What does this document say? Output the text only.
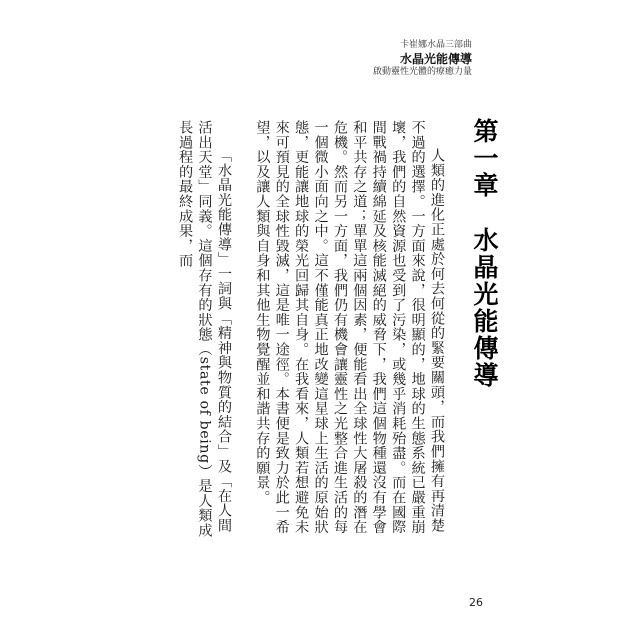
卡崔娜水晶三部曲
水晶光能傳導
啟動靈性光體的療癒力量
第一章水晶光能傳導

人類的進化正處於何去何從的緊要關頭，而我們擁有再清楚不過的選擇。一方面來說，很明顯的，地球的生態系統已嚴重崩壞，我們的自然資源也受到了污染，或幾乎消耗殆盡。而在國際間戰禍持續綿延及核能滅絕的威脅下，我們這個物種還沒有學會和平共存之道；單單這兩個因素，便能看出全球性大屠殺的潛在危機。然而另一方面，我們仍有機會讓靈性之光整合進生活的每一個微小面向之中。這不僅能真正地改變這星球上生活的原始狀態，更能讓地球的榮光回歸其自身。在我看來，人類若想避免未來可預見的全球性毀滅，這是唯一途徑。本書便是致力於此一希望，以及讓人類與自身和其他生物覺醒並和諧共存的願景。

「水晶光能傳導」一詞與「精神與物質的結合」及「在人間活出天堂」同義。這個存有的狀態（state of being）是人類成長過程的最終成果，而

26
